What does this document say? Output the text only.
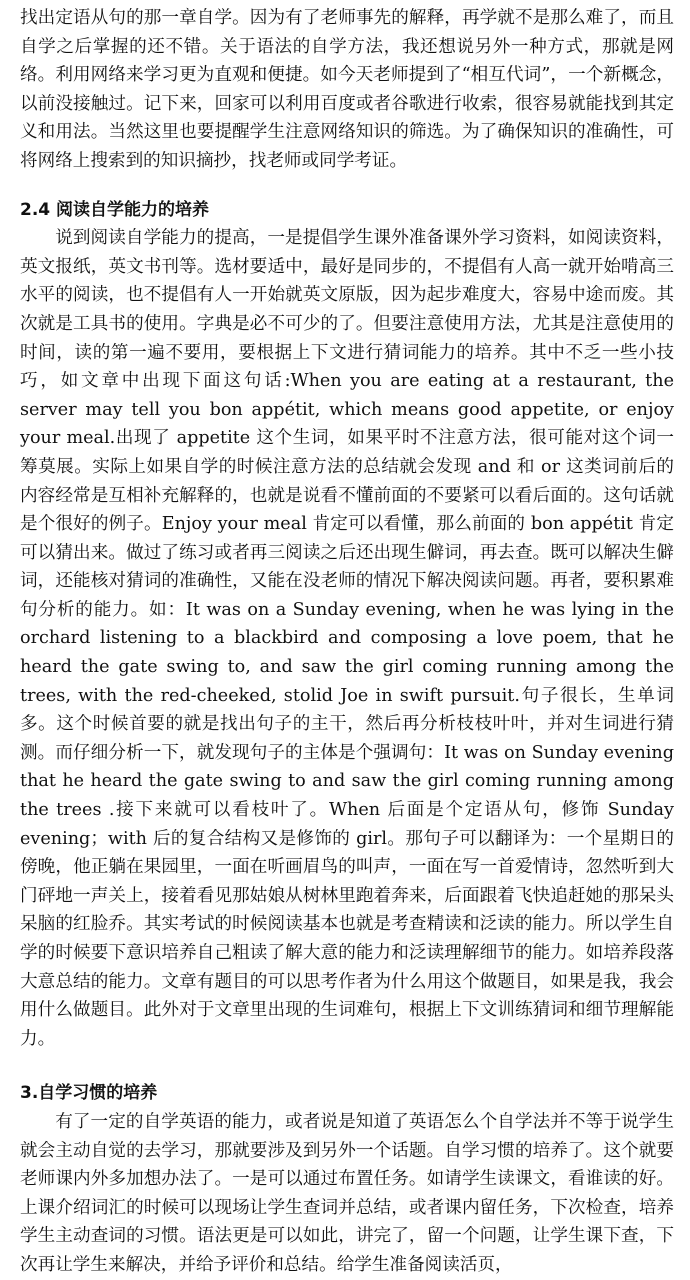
找出定语从句的那一章自学。因为有了老师事先的解释，再学就不是那么难了，而且自学之后掌握的还不错。关于语法的自学方法，我还想说另外一种方式，那就是网络。利用网络来学习更为直观和便捷。如今天老师提到了“相互代词”，一个新概念，以前没接触过。记下来，回家可以利用百度或者谷歌进行收索，很容易就能找到其定义和用法。当然这里也要提醒学生注意网络知识的筛选。为了确保知识的准确性，可将网络上搜索到的知识摘抄，找老师或同学考证。

2.4 阅读自学能力的培养

说到阅读自学能力的提高，一是提倡学生课外准备课外学习资料，如阅读资料，英文报纸，英文书刊等。选材要适中，最好是同步的，不提倡有人高一就开始啃高三水平的阅读，也不提倡有人一开始就英文原版，因为起步难度大，容易中途而废。其次就是工具书的使用。字典是必不可少的了。但要注意使用方法，尤其是注意使用的时间，读的第一遍不要用，要根据上下文进行猜词能力的培养。其中不乏一些小技巧，如文章中出现下面这句话:When you are eating at a restaurant, the server may tell you bon appétit, which means good appetite, or enjoy your meal.出现了 appetite 这个生词，如果平时不注意方法，很可能对这个词一筹莫展。实际上如果自学的时候注意方法的总结就会发现 and 和 or 这类词前后的内容经常是互相补充解释的，也就是说看不懂前面的不要紧可以看后面的。这句话就是个很好的例子。Enjoy your meal 肯定可以看懂，那么前面的 bon appétit 肯定可以猜出来。做过了练习或者再三阅读之后还出现生僻词，再去查。既可以解决生僻词，还能核对猜词的准确性，又能在没老师的情况下解决阅读问题。再者，要积累难句分析的能力。如：It was on a Sunday evening, when he was lying in the orchard listening to a blackbird and composing a love poem, that he heard the gate swing to, and saw the girl coming running among the trees, with the red-cheeked, stolid Joe in swift pursuit.句子很长，生单词多。这个时候首要的就是找出句子的主干，然后再分析枝枝叶叶，并对生词进行猜测。而仔细分析一下，就发现句子的主体是个强调句：It was on Sunday evening that he heard the gate swing to and saw the girl coming running among the trees .接下来就可以看枝叶了。When 后面是个定语从句，修饰 Sunday evening；with 后的复合结构又是修饰的 girl。那句子可以翻译为：一个星期日的傍晚，他正躺在果园里，一面在听画眉鸟的叫声，一面在写一首爱情诗，忽然听到大门砰地一声关上，接着看见那姑娘从树林里跑着奔来，后面跟着飞快追赶她的那呆头呆脑的红脸乔。其实考试的时候阅读基本也就是考查精读和泛读的能力。所以学生自学的时候要下意识培养自己粗读了解大意的能力和泛读理解细节的能力。如培养段落大意总结的能力。文章有题目的可以思考作者为什么用这个做题目，如果是我，我会用什么做题目。此外对于文章里出现的生词难句，根据上下文训练猜词和细节理解能力。

3.自学习惯的培养

有了一定的自学英语的能力，或者说是知道了英语怎么个自学法并不等于说学生就会主动自觉的去学习，那就要涉及到另外一个话题。自学习惯的培养了。这个就要老师课内外多加想办法了。一是可以通过布置任务。如请学生读课文，看谁读的好。上课介绍词汇的时候可以现场让学生查词并总结，或者课内留任务，下次检查，培养学生主动查词的习惯。语法更是可以如此，讲完了，留一个问题，让学生课下查，下次再让学生来解决，并给予评价和总结。给学生准备阅读活页，
